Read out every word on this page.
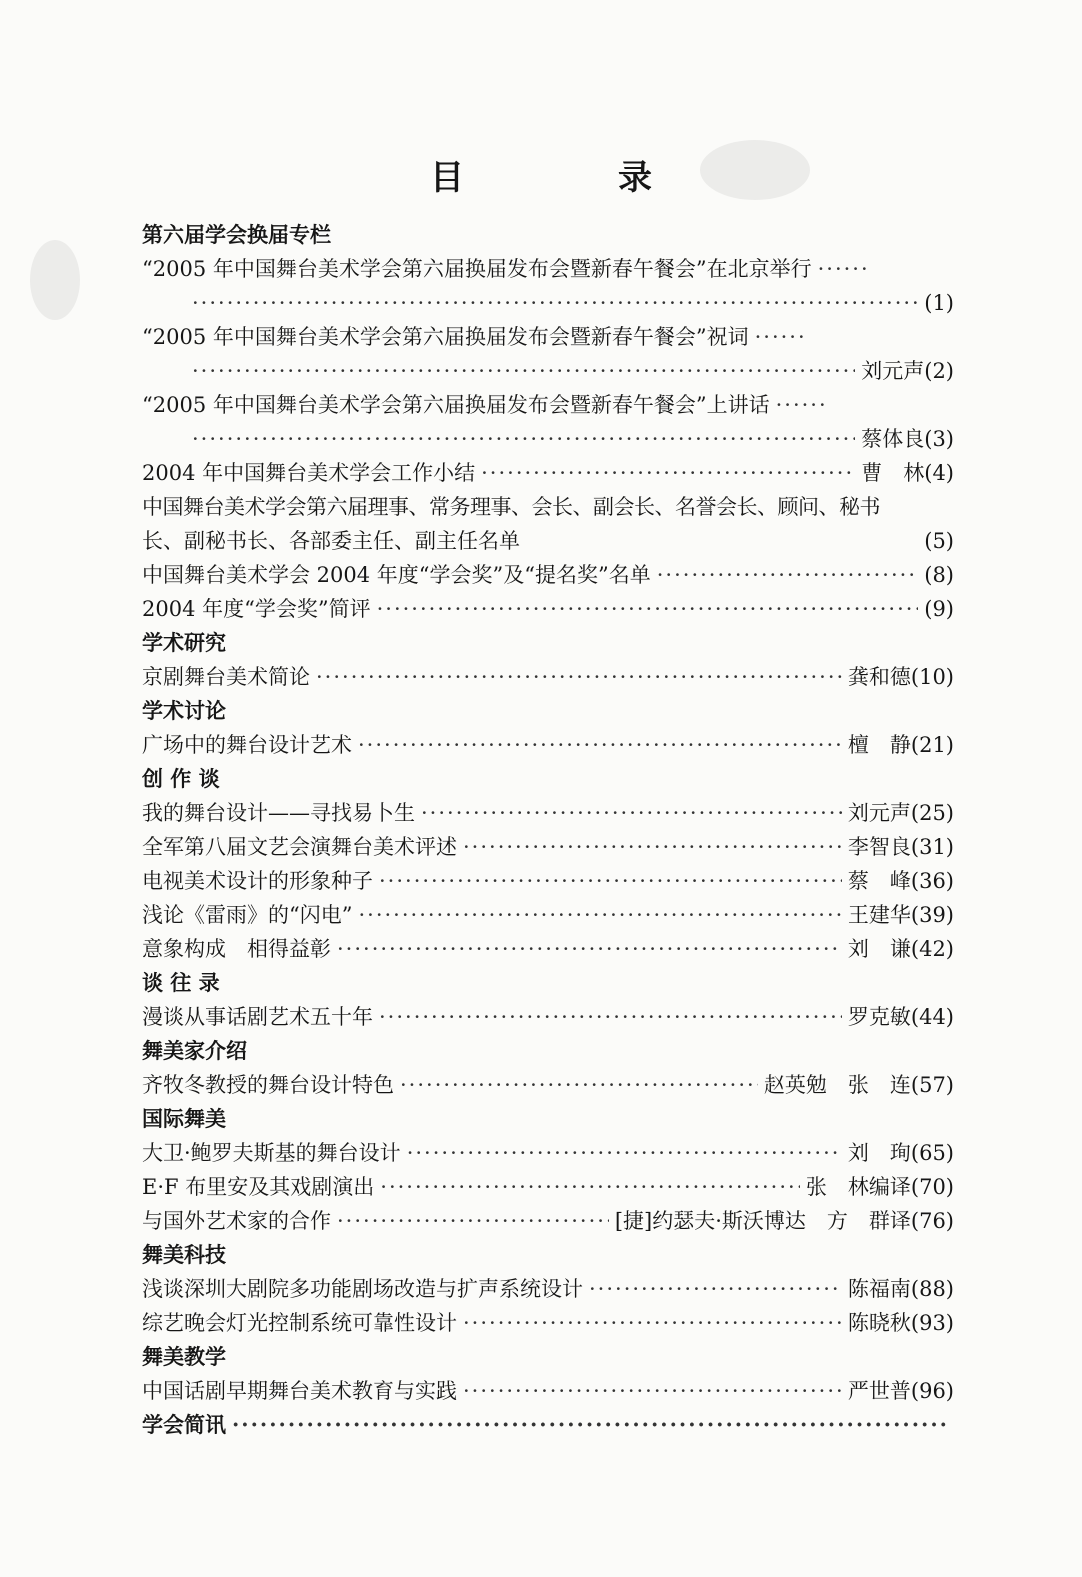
目　录
第六届学会换届专栏
“2005 年中国舞台美术学会第六届换届发布会暨新春午餐会”在北京举行
·····
·····
(1)
“2005 年中国舞台美术学会第六届换届发布会暨新春午餐会”祝词
·····
·····
刘元声 (2)
“2005 年中国舞台美术学会第六届换届发布会暨新春午餐会”上讲话
·····
·····
蔡体良 (3)
2004 年中国舞台美术学会工作小结 ·····	曹　林 (4)
中国舞台美术学会第六届理事、常务理事、会长、副会长、名誉会长、顾问、秘书
长、副秘书长、各部委主任、副主任名单	(5)
中国舞台美术学会 2004 年度“学会奖”及“提名奖”名单 ·····	(8)
2004 年度“学会奖”简评 ·····	(9)
学术研究
京剧舞台美术简论 ·····	龚和德 (10)
学术讨论
广场中的舞台设计艺术 ·····	檀　静 (21)
创 作 谈
我的舞台设计——寻找易卜生 ·····	刘元声 (25)
全军第八届文艺会演舞台美术评述 ·····	李智良 (31)
电视美术设计的形象种子 ·····	蔡　峰 (36)
浅论《雷雨》的“闪电” ·····	王建华 (39)
意象构成　相得益彰 ·····	刘　谦 (42)
谈 往 录
漫谈从事话剧艺术五十年 ·····	罗克敏 (44)
舞美家介绍
齐牧冬教授的舞台设计特色 ·····	赵英勉　张　连 (57)
国际舞美
大卫·鲍罗夫斯基的舞台设计 ·····	刘　珣 (65)
E·F 布里安及其戏剧演出 ·····	张　林编译 (70)
与国外艺术家的合作 ·····	[捷]约瑟夫·斯沃博达　方　群译 (76)
舞美科技
浅谈深圳大剧院多功能剧场改造与扩声系统设计 ·····	陈福南 (88)
综艺晚会灯光控制系统可靠性设计 ·····	陈晓秋 (93)
舞美教学
中国话剧早期舞台美术教育与实践 ·····	严世普 (96)
学会简讯
·····
